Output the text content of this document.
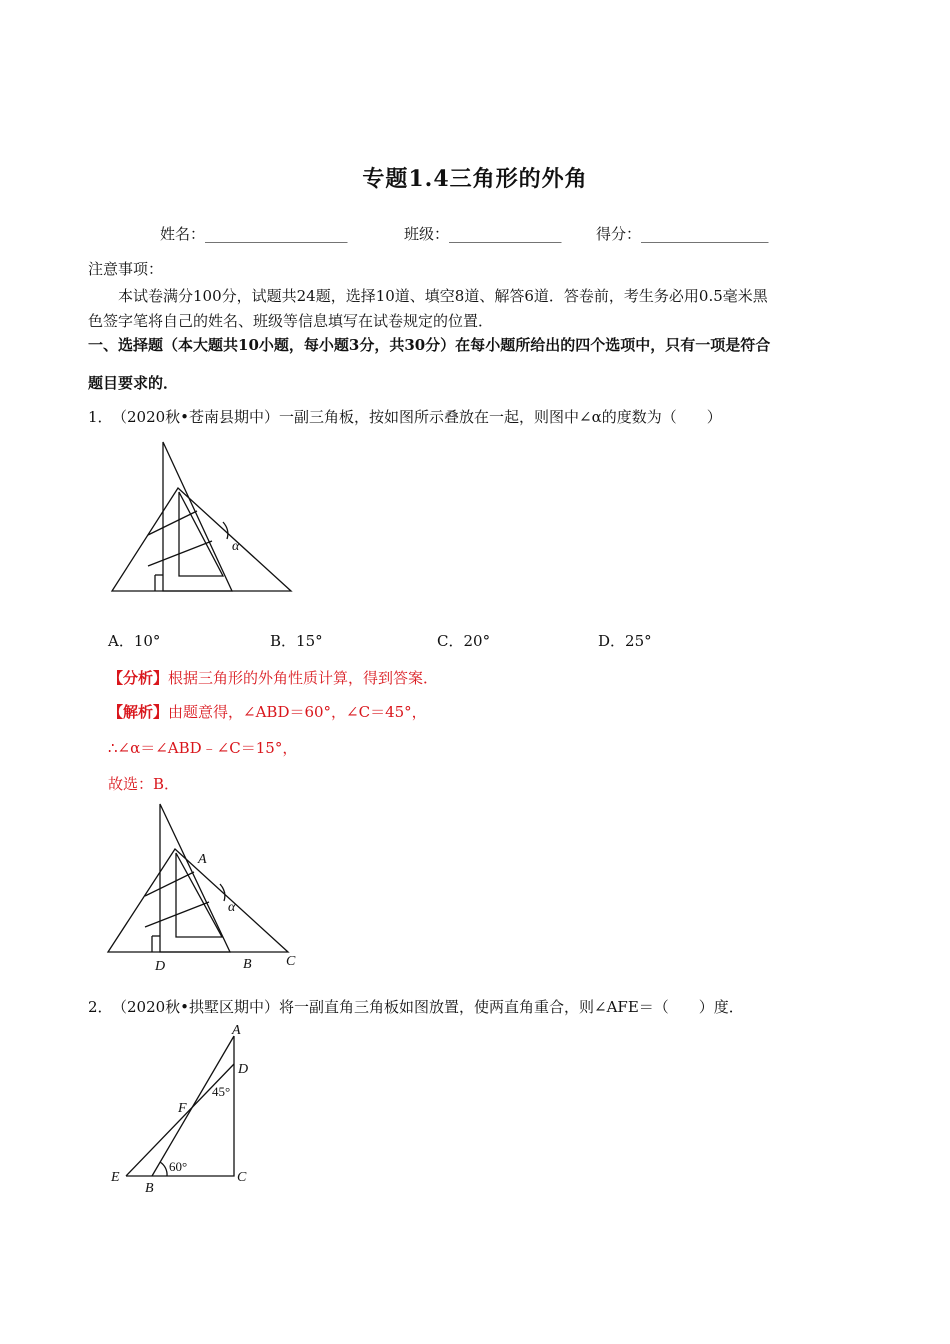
专题1.4三角形的外角
姓名：___________________	班级：_______________ 得分：_________________
注意事项：
本试卷满分100分，试题共24题，选择10道、填空8道、解答6道．答卷前，考生务必用0.5毫米黑
色签字笔将自己的姓名、班级等信息填写在试卷规定的位置．
一、选择题（本大题共10小题，每小题3分，共30分）在每小题所给出的四个选项中，只有一项是符合
题目要求的．
1． （2020秋•苍南县期中）一副三角板，按如图所示叠放在一起，则图中∠α的度数为（　　）
α
A．10°	B．15°	C．20°	D．25°
【分析】根据三角形的外角性质计算，得到答案．
【解析】由题意得，∠ABD＝60°，∠C＝45°，
∴∠α＝∠ABD﹣∠C＝15°，
故选：B．
α
A
D	B C
2． （2020秋•拱墅区期中）将一副直角三角板如图放置，使两直角重合，则∠AFE＝（　　）度．
A
D
F
E
B
C
45°
60°
